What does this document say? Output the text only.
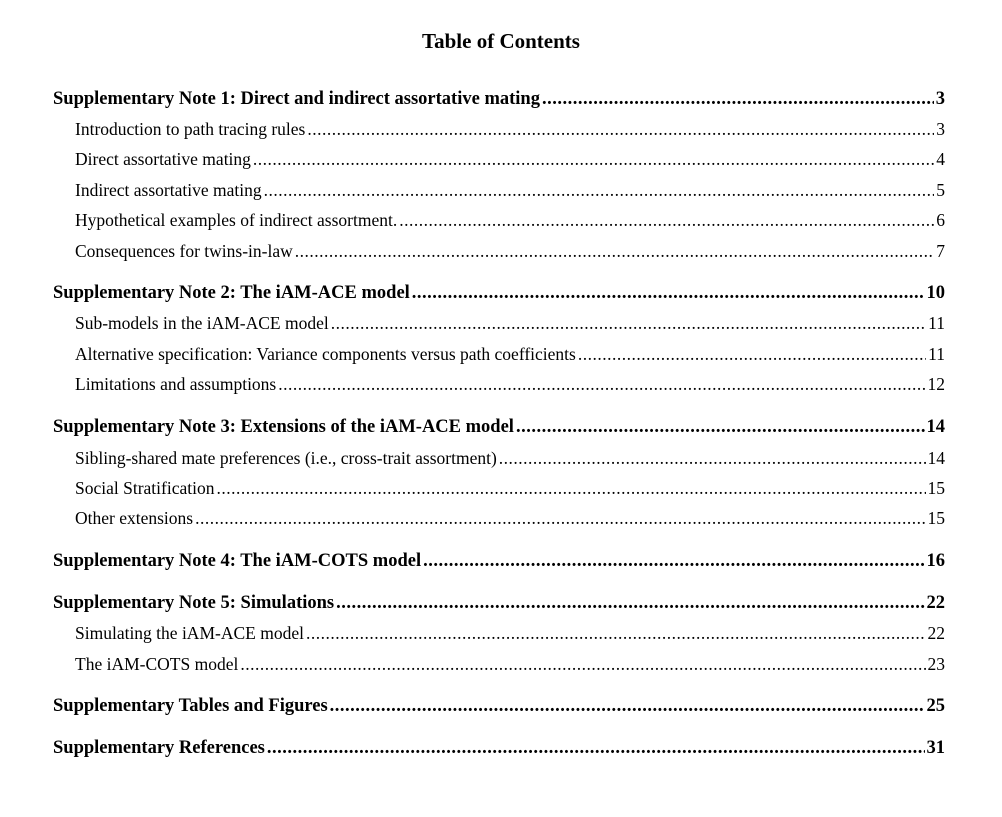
Table of Contents
Supplementary Note 1: Direct and indirect assortative mating .....	3
Introduction to path tracing rules .....	3
Direct assortative mating .....	4
Indirect assortative mating .....	5
Hypothetical examples of indirect assortment. .....	6
Consequences for twins-in-law .....	7
Supplementary Note 2: The iAM-ACE model .....	10
Sub-models in the iAM-ACE model .....	11
Alternative specification: Variance components versus path coefficients .....	11
Limitations and assumptions .....	12
Supplementary Note 3: Extensions of the iAM-ACE model .....	14
Sibling-shared mate preferences (i.e., cross-trait assortment) .....	14
Social Stratification .....	15
Other extensions .....	15
Supplementary Note 4: The iAM-COTS model .....	16
Supplementary Note 5: Simulations .....	22
Simulating the iAM-ACE model .....	22
The iAM-COTS model .....	23
Supplementary Tables and Figures .....	25
Supplementary References .....	31
